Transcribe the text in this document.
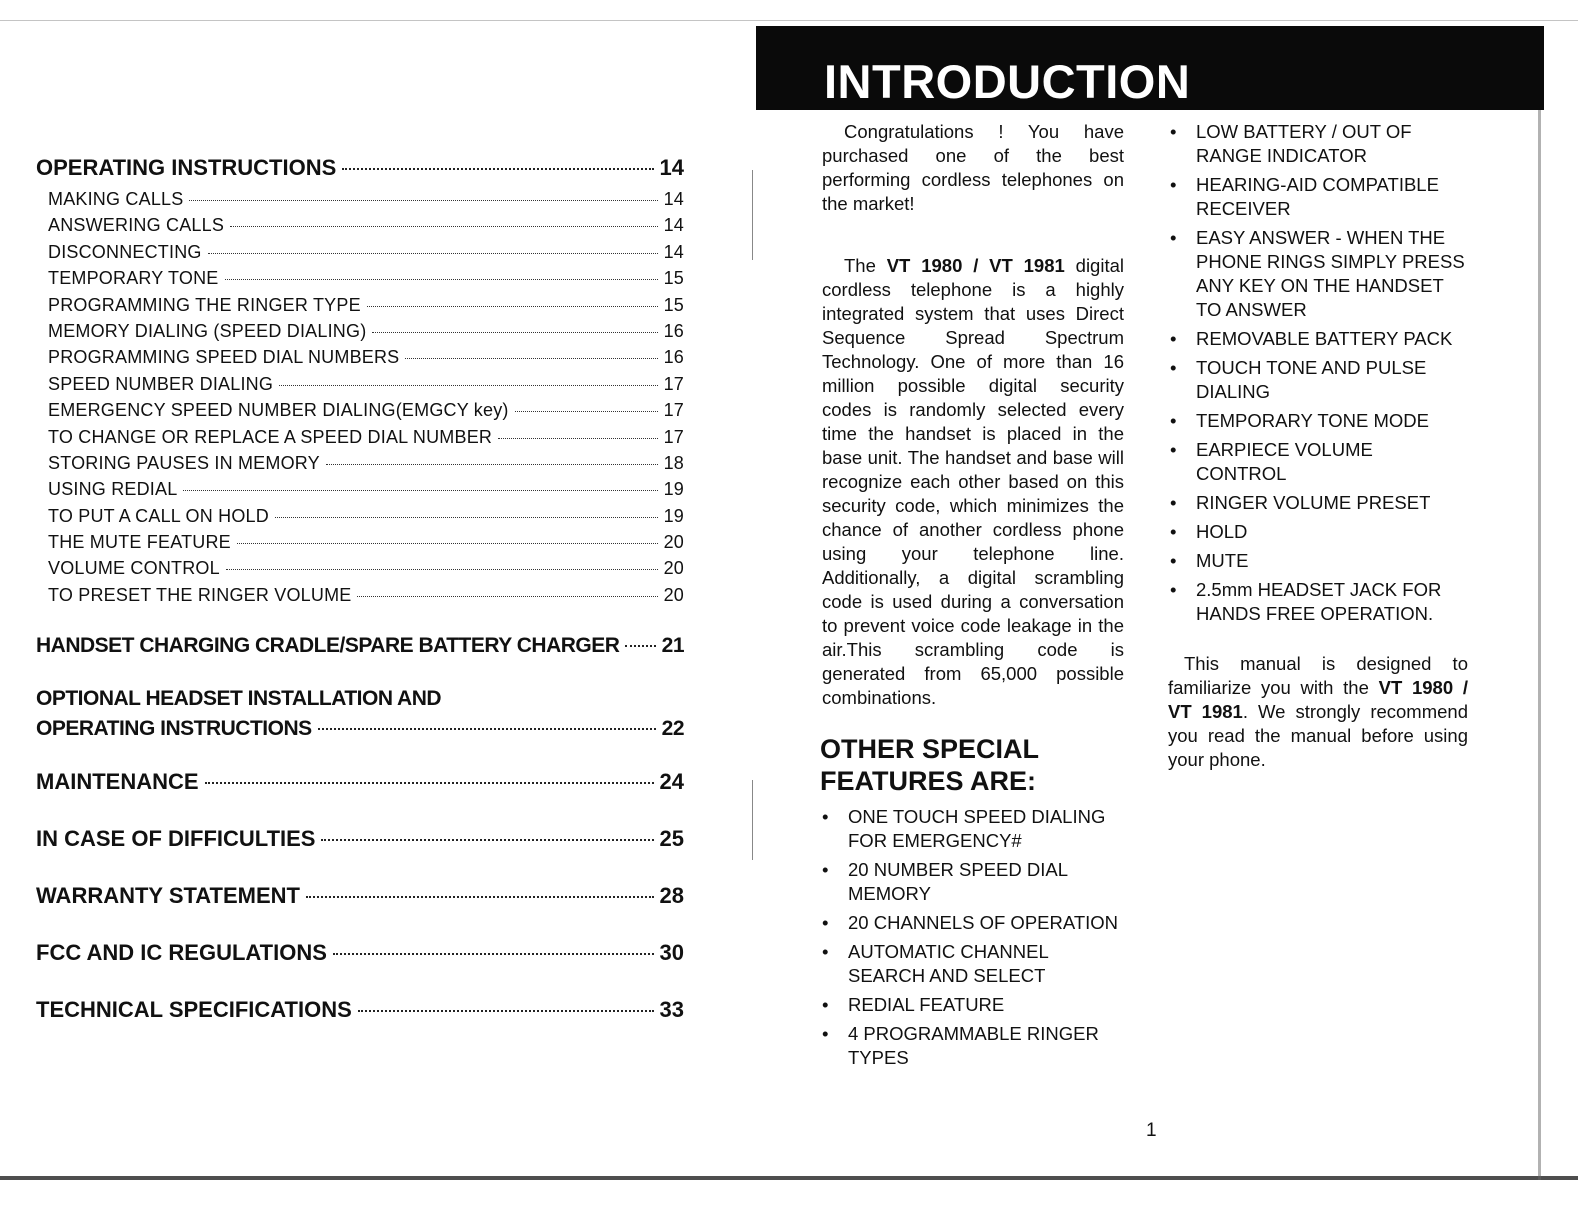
OPERATING INSTRUCTIONS	14
MAKING CALLS	14
ANSWERING CALLS	14
DISCONNECTING	14
TEMPORARY TONE	15
PROGRAMMING THE RINGER TYPE	15
MEMORY DIALING (SPEED DIALING)	16
PROGRAMMING SPEED DIAL NUMBERS	16
SPEED NUMBER DIALING	17
EMERGENCY SPEED NUMBER DIALING(EMGCY key)	17
TO CHANGE OR REPLACE A SPEED DIAL NUMBER	17
STORING PAUSES IN MEMORY	18
USING REDIAL	19
TO PUT A CALL ON HOLD	19
THE MUTE FEATURE	20
VOLUME CONTROL	20
TO PRESET THE RINGER VOLUME	20
HANDSET CHARGING CRADLE/SPARE BATTERY CHARGER 21
OPTIONAL HEADSET INSTALLATION AND
OPERATING INSTRUCTIONS	22
MAINTENANCE	24
IN CASE OF DIFFICULTIES	25
WARRANTY STATEMENT	28
FCC AND IC REGULATIONS	30
TECHNICAL SPECIFICATIONS	33
INTRODUCTION

Congratulations ! You have purchased one of the best performing cordless telephones on the market!

The VT 1980 / VT 1981 digital cordless telephone is a highly integrated system that uses Direct Sequence Spread Spectrum Technology. One of more than 16 million possible digital security codes is randomly selected every time the handset is placed in the base unit. The handset and base will recognize each other based on this security code, which minimizes the chance of another cordless phone using your telephone line. Additionally, a digital scrambling code is used during a conversation to prevent voice code leakage in the air.This scrambling code is generated from 65,000 possible combinations.

OTHER SPECIAL
FEATURES ARE:
• ONE TOUCH SPEED DIALING FOR EMERGENCY#
• 20 NUMBER SPEED DIAL MEMORY
• 20 CHANNELS OF OPERATION
• AUTOMATIC CHANNEL SEARCH AND SELECT
• REDIAL FEATURE
• 4 PROGRAMMABLE RINGER TYPES
• LOW BATTERY / OUT OF RANGE INDICATOR
• HEARING-AID COMPATIBLE RECEIVER
• EASY ANSWER - WHEN THE PHONE RINGS SIMPLY PRESS ANY KEY ON THE HANDSET TO ANSWER
• REMOVABLE BATTERY PACK
• TOUCH TONE AND PULSE DIALING
• TEMPORARY TONE MODE
• EARPIECE VOLUME CONTROL
• RINGER VOLUME PRESET
• HOLD
• MUTE
• 2.5mm HEADSET JACK FOR HANDS FREE OPERATION.

This manual is designed to familiarize you with the VT 1980 / VT 1981. We strongly recommend you read the manual before using your phone.

1
